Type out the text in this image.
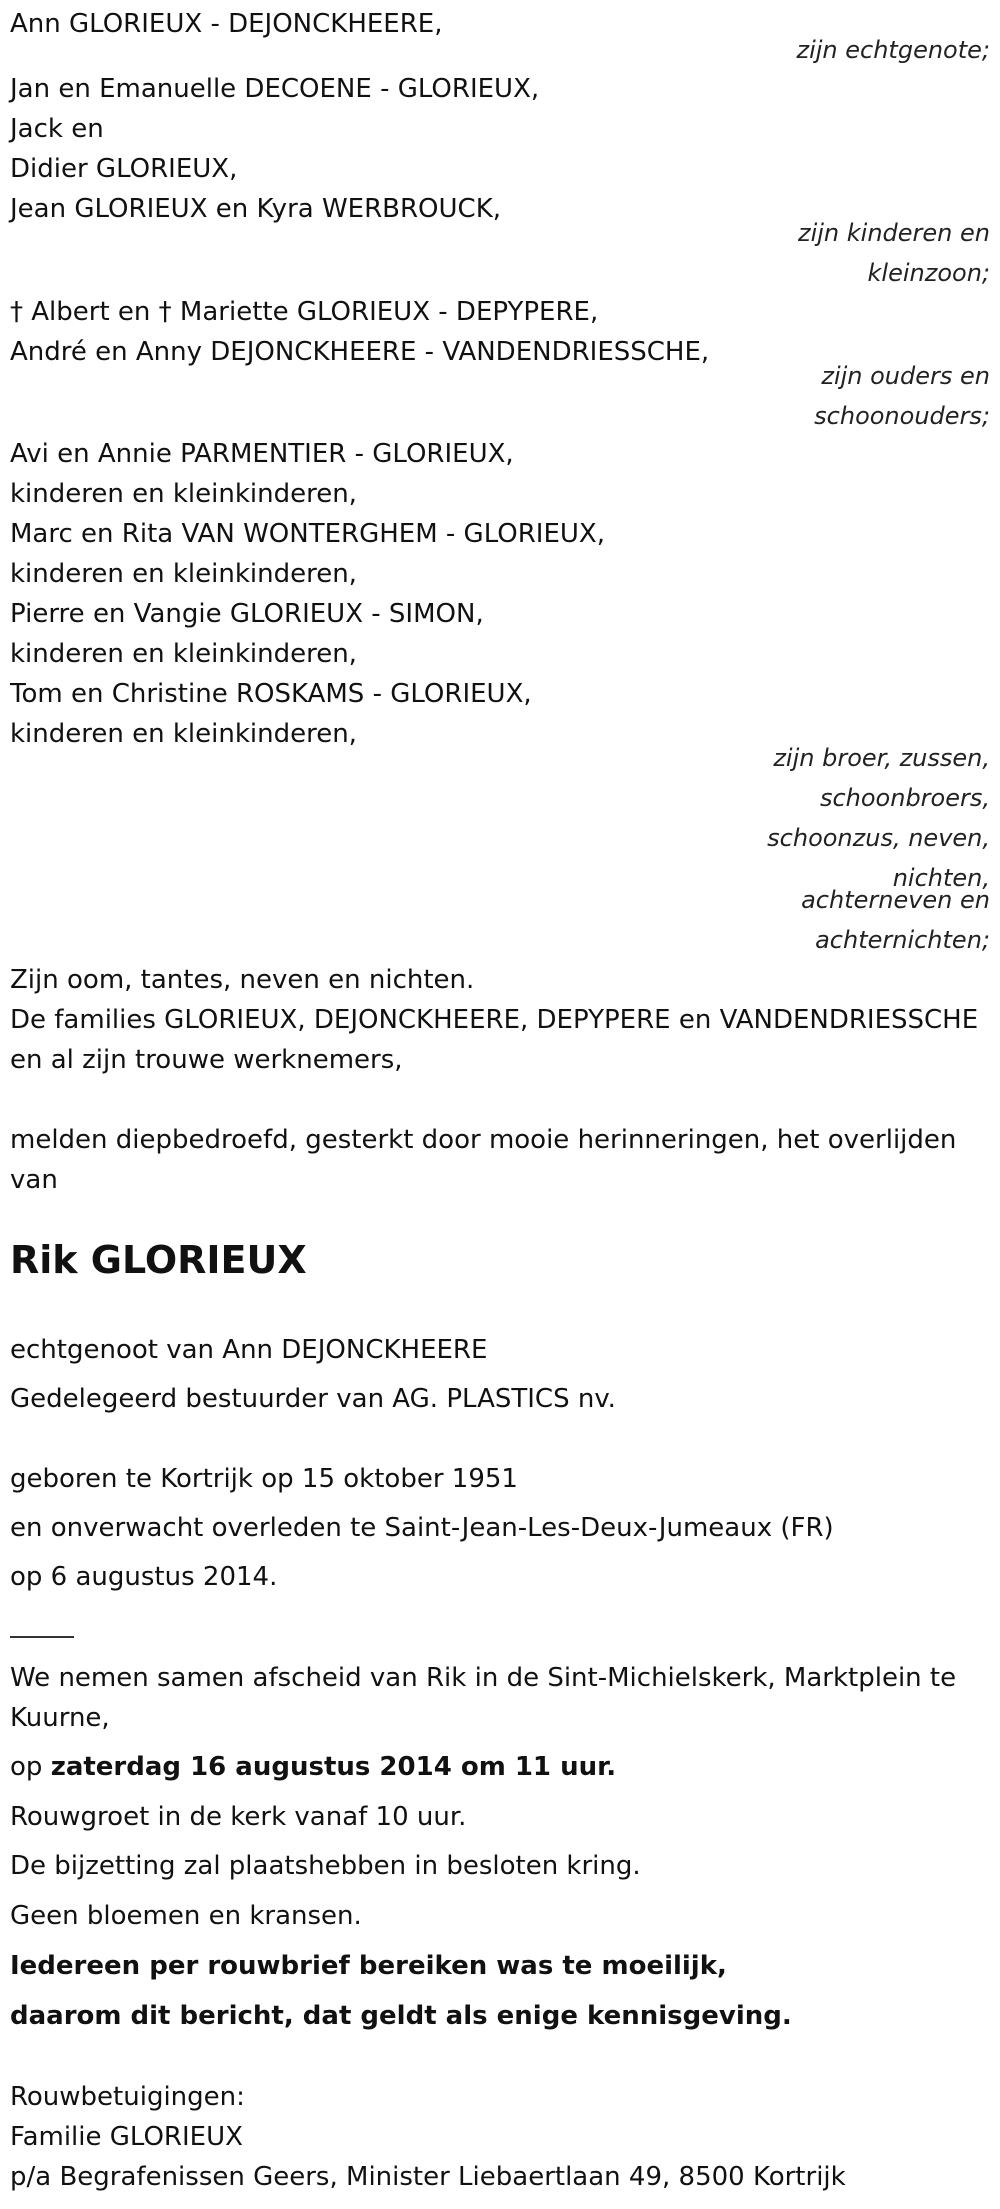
Ann GLORIEUX - DEJONCKHEERE,
zijn echtgenote;
Jan en Emanuelle DECOENE - GLORIEUX,
Jack en
Didier GLORIEUX,
Jean GLORIEUX en Kyra WERBROUCK,
zijn kinderen en
kleinzoon;
† Albert en † Mariette GLORIEUX - DEPYPERE,
André en Anny DEJONCKHEERE - VANDENDRIESSCHE,
zijn ouders en
schoonouders;
Avi en Annie PARMENTIER - GLORIEUX,
kinderen en kleinkinderen,
Marc en Rita VAN WONTERGHEM - GLORIEUX,
kinderen en kleinkinderen,
Pierre en Vangie GLORIEUX - SIMON,
kinderen en kleinkinderen,
Tom en Christine ROSKAMS - GLORIEUX,
kinderen en kleinkinderen,
zijn broer, zussen,
schoonbroers,
schoonzus, neven,
nichten,
achterneven en
achternichten;
Zijn oom, tantes, neven en nichten.
De families GLORIEUX, DEJONCKHEERE, DEPYPERE en VANDENDRIESSCHE
en al zijn trouwe werknemers,
melden diepbedroefd, gesterkt door mooie herinneringen, het overlijden
van
Rik GLORIEUX
echtgenoot van Ann DEJONCKHEERE
Gedelegeerd bestuurder van AG. PLASTICS nv.
geboren te Kortrijk op 15 oktober 1951
en onverwacht overleden te Saint-Jean-Les-Deux-Jumeaux (FR)
op 6 augustus 2014.
We nemen samen afscheid van Rik in de Sint-Michielskerk, Marktplein te
Kuurne,
op zaterdag 16 augustus 2014 om 11 uur.
Rouwgroet in de kerk vanaf 10 uur.
De bijzetting zal plaatshebben in besloten kring.
Geen bloemen en kransen.
Iedereen per rouwbrief bereiken was te moeilijk,
daarom dit bericht, dat geldt als enige kennisgeving.
Rouwbetuigingen:
Familie GLORIEUX
p/a Begrafenissen Geers, Minister Liebaertlaan 49, 8500 Kortrijk
